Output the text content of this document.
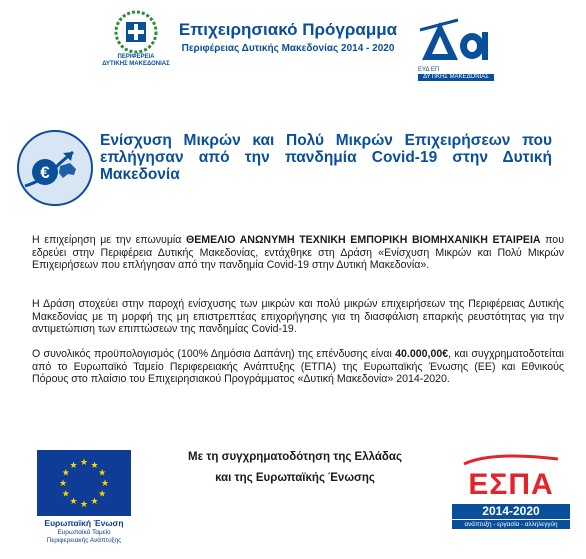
ΠΕΡΙΦΕΡΕΙΑ
ΔΥΤΙΚΗΣ ΜΑΚΕΔΟΝΙΑΣ
Επιχειρησιακό Πρόγραμμα
Περιφέρειας Δυτικής Μακεδονίας 2014 - 2020
ΕΥΔ ΕΠ
ΔΥΤΙΚΗΣ ΜΑΚΕΔΟΝΙΑΣ
€
Ενίσχυση Μικρών και Πολύ Μικρών Επιχειρήσεων που επλήγησαν από την πανδημία Covid-19 στην Δυτική Μακεδονία
Η επιχείρηση με την επωνυμία ΘΕΜΕΛΙΟ ΑΝΩΝΥΜΗ ΤΕΧΝΙΚΗ ΕΜΠΟΡΙΚΗ ΒΙΟΜΗΧΑΝΙΚΗ ΕΤΑΙΡΕΙΑ που εδρεύει στην Περιφέρεια Δυτικής Μακεδονίας, εντάχθηκε στη Δράση «Ενίσχυση Μικρών και Πολύ Μικρών Επιχειρήσεων που επλήγησαν από την πανδημία Covid-19 στην Δυτική Μακεδονία».
Η Δράση στοχεύει στην παροχή ενίσχυσης των μικρών και πολύ μικρών επιχειρήσεων της Περιφέρειας Δυτικής Μακεδονίας με τη μορφή της μη επιστρεπτέας επιχορήγησης για τη διασφάλιση επαρκής ρευστότητας για την αντιμετώπιση των επιπτώσεων της πανδημίας Covid-19.
Ο συνολικός προϋπολογισμός (100% Δημόσια Δαπάνη) της επένδυσης είναι 40.000,00€, και συγχρηματοδοτείται από το Ευρωπαϊκό Ταμείο Περιφερειακής Ανάπτυξης (ΕΤΠΑ) της Ευρωπαϊκής Ένωσης (ΕΕ) και Εθνικούς Πόρους στο πλαίσιο του Επιχειρησιακού Προγράμματος «Δυτική Μακεδονία» 2014-2020.
★ ★
★
★
★
★
★
★
★
★
★
★
Ευρωπαϊκή Ένωση
Ευρωπαϊκό Ταμείο
Περιφερειακής Ανάπτυξης
Με τη συγχρηματοδότηση της Ελλάδας
και της Ευρωπαϊκής Ένωσης	ΕΣΠΑ
2014-2020
ανάπτυξη - εργασία - αλληλεγγύη
